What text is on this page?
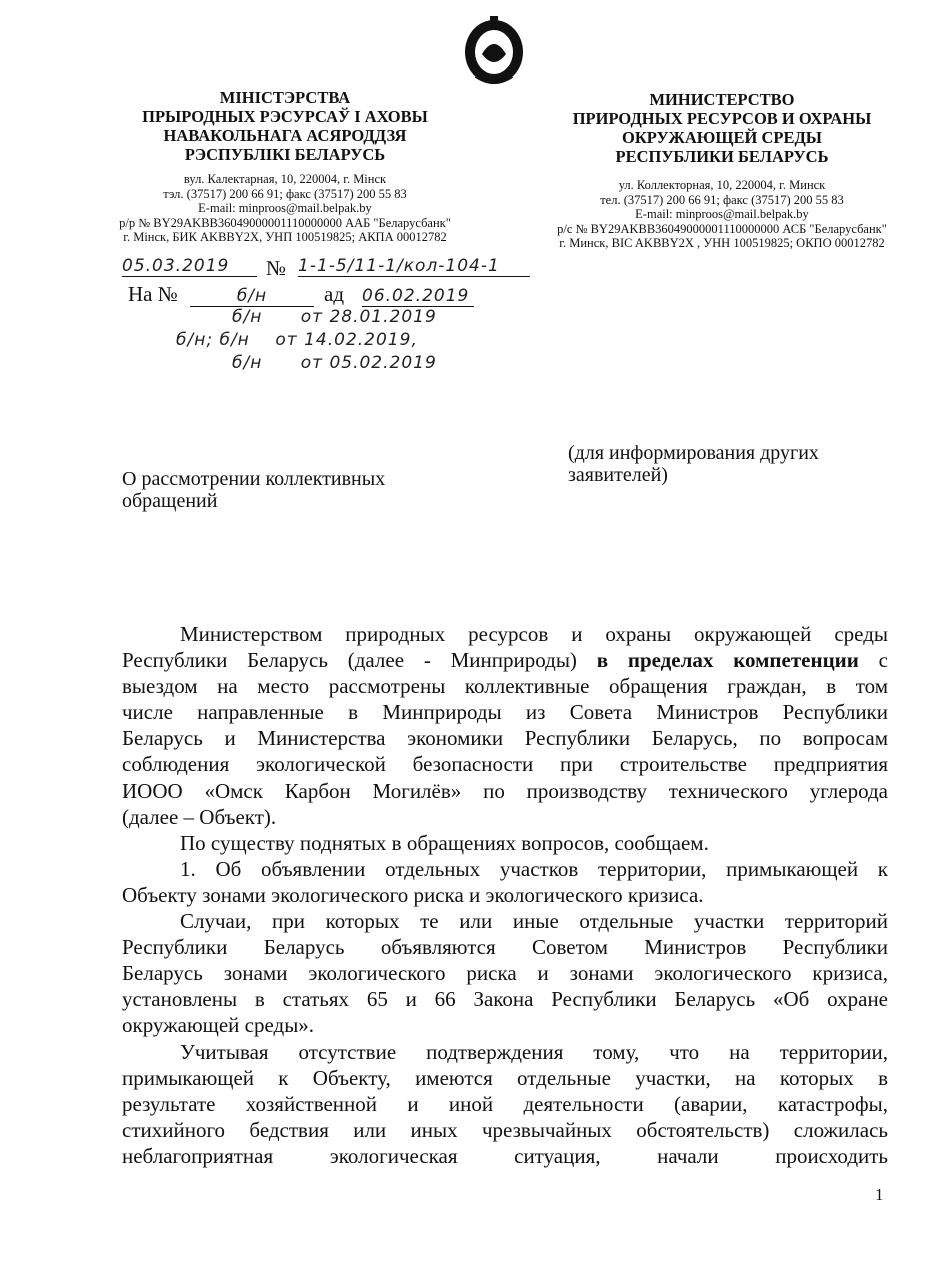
МІНІСТЭРСТВА
ПРЫРОДНЫХ РЭСУРСАЎ І АХОВЫ
НАВАКОЛЬНАГА АСЯРОДДЗЯ
РЭСПУБЛІКІ БЕЛАРУСЬ
вул. Калектарная, 10, 220004, г. Мінск
тэл. (37517) 200 66 91; факс (37517) 200 55 83
E-mail: minproos@mail.belpak.by
р/р № BY29AKBB36049000001110000000 ААБ "Беларусбанк"
г. Мінск, БИК AKBBY2X, УНП 100519825; АКПА 00012782
МИНИСТЕРСТВО
ПРИРОДНЫХ РЕСУРСОВ И ОХРАНЫ
ОКРУЖАЮЩЕЙ СРЕДЫ
РЕСПУБЛИКИ БЕЛАРУСЬ
ул. Коллекторная, 10, 220004, г. Минск
тел. (37517) 200 66 91; факс (37517) 200 55 83
E-mail: minproos@mail.belpak.by
р/с № BY29AKBB36049000001110000000 АСБ "Беларусбанк"
г. Минск, BIC AKBBY2X , УНН 100519825; ОКПО 00012782
05.03.2019	№ 1-1-5/11-1/кол-104-1
На №	б/н	ад 06.02.2019
б/н      от 28.01.2019
б/н; б/н    от 14.02.2019,
б/н      от 05.02.2019
О рассмотрении коллективных
обращений
(для информирования других
заявителей)
Министерством природных ресурсов и охраны окружающей среды
Республики Беларусь (далее - Минприроды) в пределах компетенции с
выездом на место рассмотрены коллективные обращения граждан, в том
числе направленные в Минприроды из Совета Министров Республики
Беларусь и Министерства экономики Республики Беларусь, по вопросам
соблюдения экологической безопасности при строительстве предприятия
ИООО «Омск Карбон Могилёв» по производству технического углерода
(далее – Объект).
По существу поднятых в обращениях вопросов, сообщаем.
1. Об объявлении отдельных участков территории, примыкающей к
Объекту зонами экологического риска и экологического кризиса.
Случаи, при которых те или иные отдельные участки территорий
Республики Беларусь объявляются Советом Министров Республики
Беларусь зонами экологического риска и зонами экологического кризиса,
установлены в статьях 65 и 66 Закона Республики Беларусь «Об охране
окружающей среды».
Учитывая отсутствие подтверждения тому, что на территории,
примыкающей к Объекту, имеются отдельные участки, на которых в
результате хозяйственной и иной деятельности (аварии, катастрофы,
стихийного бедствия или иных чрезвычайных обстоятельств) сложилась
неблагоприятная экологическая ситуация, начали происходить
1
